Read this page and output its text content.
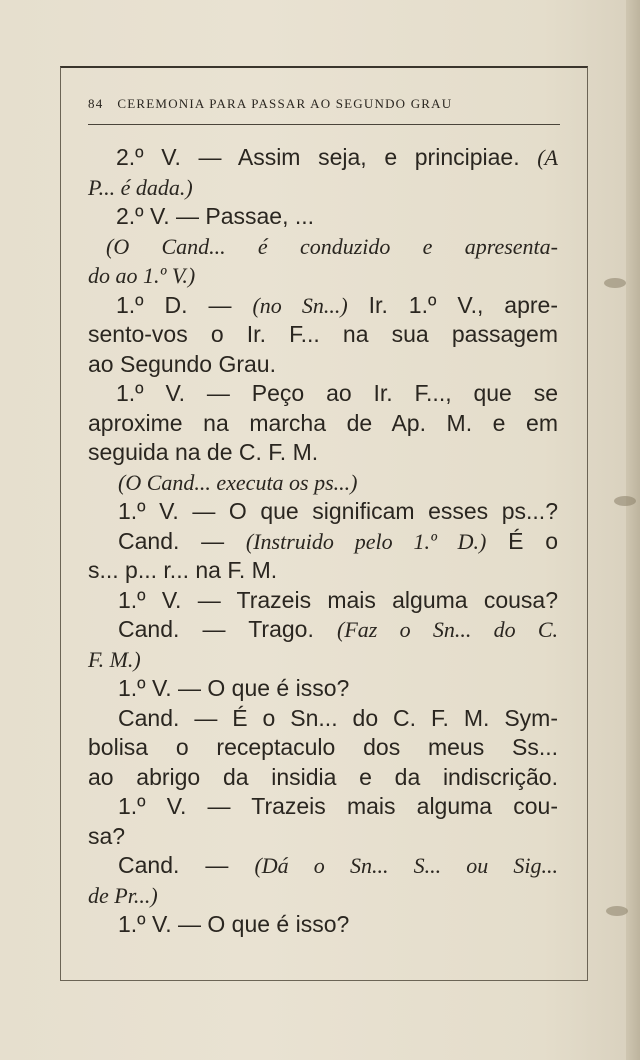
84 CEREMONIA PARA PASSAR AO SEGUNDO GRAU
2.º V. — Assim seja, e principiae. (A
P... é dada.)
2.º V. — Passae, ...
(O Cand... é conduzido e apresenta-
do ao 1.º V.)
1.º D. — (no Sn...) Ir. 1.º V., apre-
sento-vos o Ir. F... na sua passagem
ao Segundo Grau.
1.º V. — Peço ao Ir. F..., que se
aproxime na marcha de Ap. M. e em
seguida na de C. F. M.
(O Cand... executa os ps...)
1.º V. — O que significam esses ps...?
Cand. — (Instruido pelo 1.º D.) É o
s... p... r... na F. M.
1.º V. — Trazeis mais alguma cousa?
Cand. — Trago. (Faz o Sn... do C.
F. M.)
1.º V. — O que é isso?
Cand. — É o Sn... do C. F. M. Sym-
bolisa o receptaculo dos meus Ss...
ao abrigo da insidia e da indiscrição.
1.º V. — Trazeis mais alguma cou-
sa?
Cand. — (Dá o Sn... S... ou Sig...
de Pr...)
1.º V. — O que é isso?
